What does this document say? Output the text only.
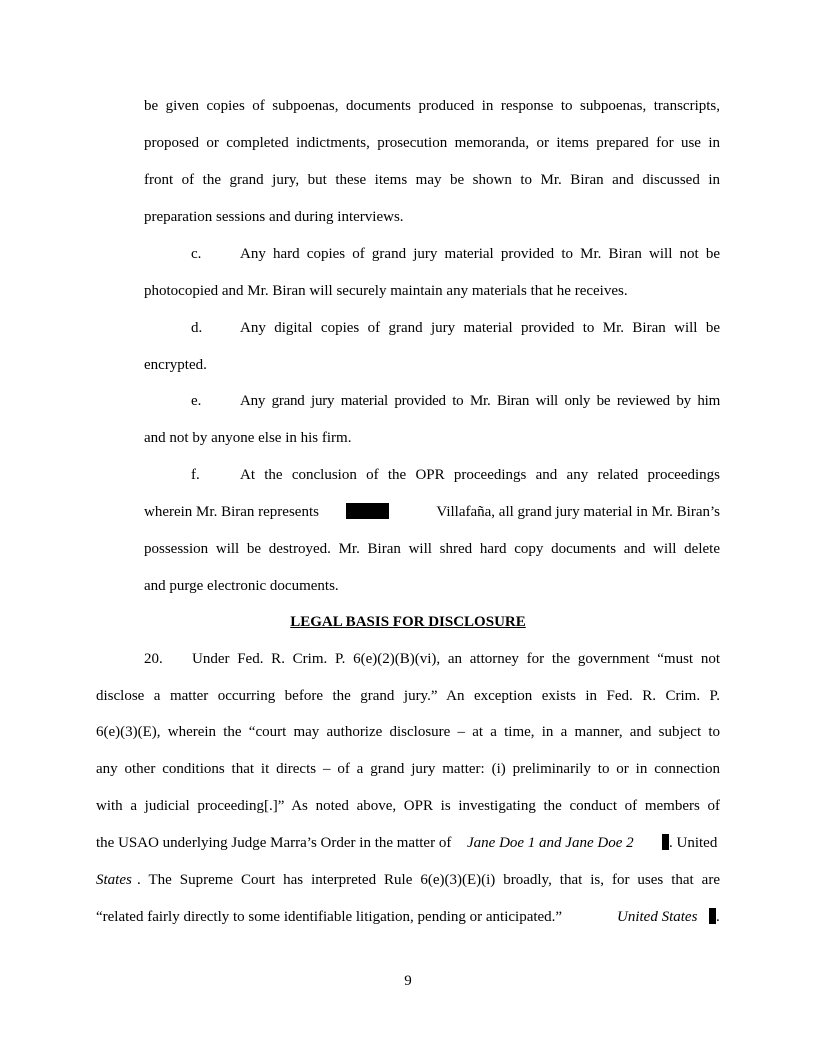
be given copies of subpoenas, documents produced in response to subpoenas, transcripts,
proposed or completed indictments, prosecution memoranda, or items prepared for use in
front of the grand jury, but these items may be shown to Mr. Biran and discussed in
preparation sessions and during interviews.
c.	Any hard copies of grand jury material provided to Mr. Biran will not be
photocopied and Mr. Biran will securely maintain any materials that he receives.
d.	Any digital copies of grand jury material provided to Mr. Biran will be
encrypted.
e.	Any grand jury material provided to Mr. Biran will only be reviewed by him
and not by anyone else in his firm.
f.	At the conclusion of the OPR proceedings and any related proceedings
wherein Mr. Biran represents	Villafaña, all grand jury material in Mr. Biran’s
possession will be destroyed. Mr. Biran will shred hard copy documents and will delete
and purge electronic documents.
LEGAL BASIS FOR DISCLOSURE
20. Under Fed. R. Crim. P. 6(e)(2)(B)(vi), an attorney for the government “must not
disclose a matter occurring before the grand jury.” An exception exists in Fed. R. Crim. P.
6(e)(3)(E), wherein the “court may authorize disclosure – at a time, in a manner, and subject to
any other conditions that it directs – of a grand jury matter: (i) preliminarily to or in connection
with a judicial proceeding[.]” As noted above, OPR is investigating the conduct of members of
the USAO underlying Judge Marra’s Order in the matter of Jane Doe 1 and Jane Doe 2 . United
States . The Supreme Court has interpreted Rule 6(e)(3)(E)(i) broadly, that is, for uses that are
“related fairly directly to some identifiable litigation, pending or anticipated.”	United States .
9
